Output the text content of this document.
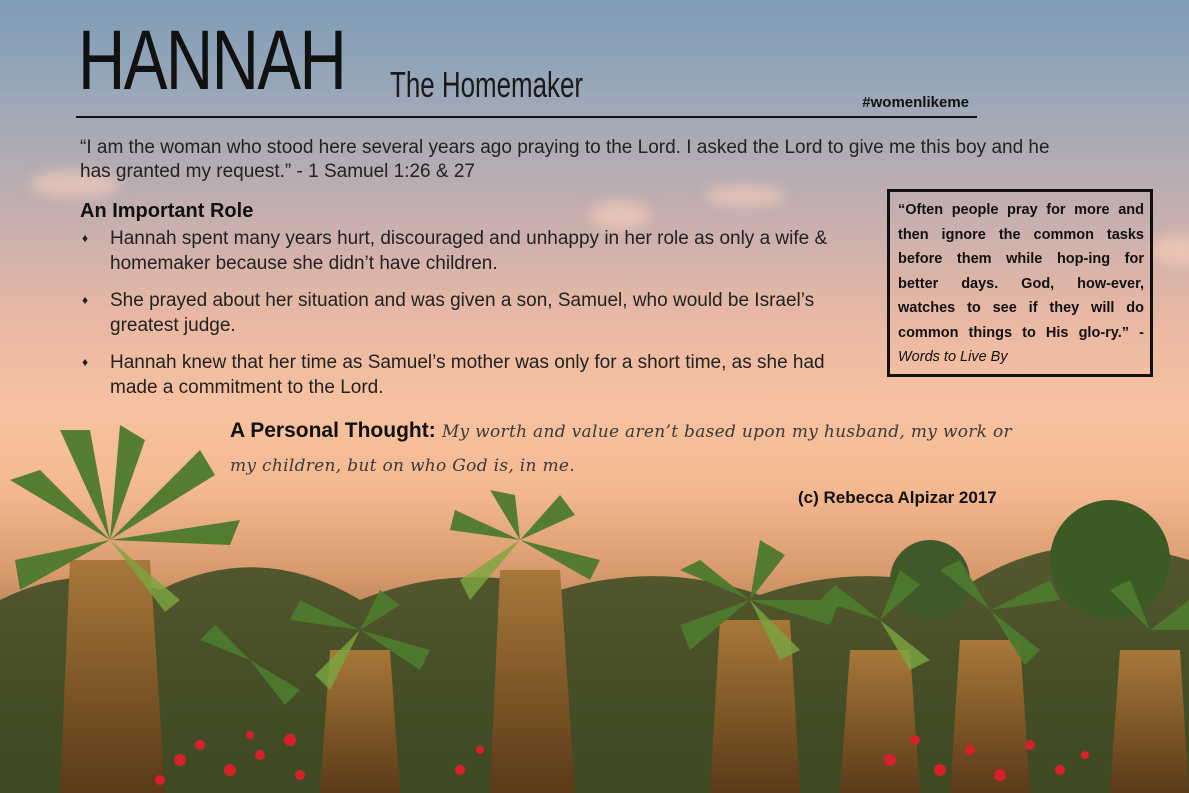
HANNAH The Homemaker	#womenlikeme
“I am the woman who stood here several years ago praying to the Lord. I asked the Lord to give me this boy and he has granted my request.” - 1 Samuel 1:26 & 27
An Important Role
♦ Hannah spent many years hurt, discouraged and unhappy in her role as only a wife & homemaker because she didn’t have children.
♦ She prayed about her situation and was given a son, Samuel, who would be Israel’s greatest judge.
♦ Hannah knew that her time as Samuel’s mother was only for a short time, as she had made a commitment to the Lord.
“Often people pray for more and then ignore the common tasks before them while hop-ing for better days. God, how-ever, watches to see if they will do common things to His glo-ry.” - Words to Live By
A Personal Thought: My worth and value aren’t based upon my husband, my work or my children, but on who God is, in me.
(c) Rebecca Alpizar 2017
